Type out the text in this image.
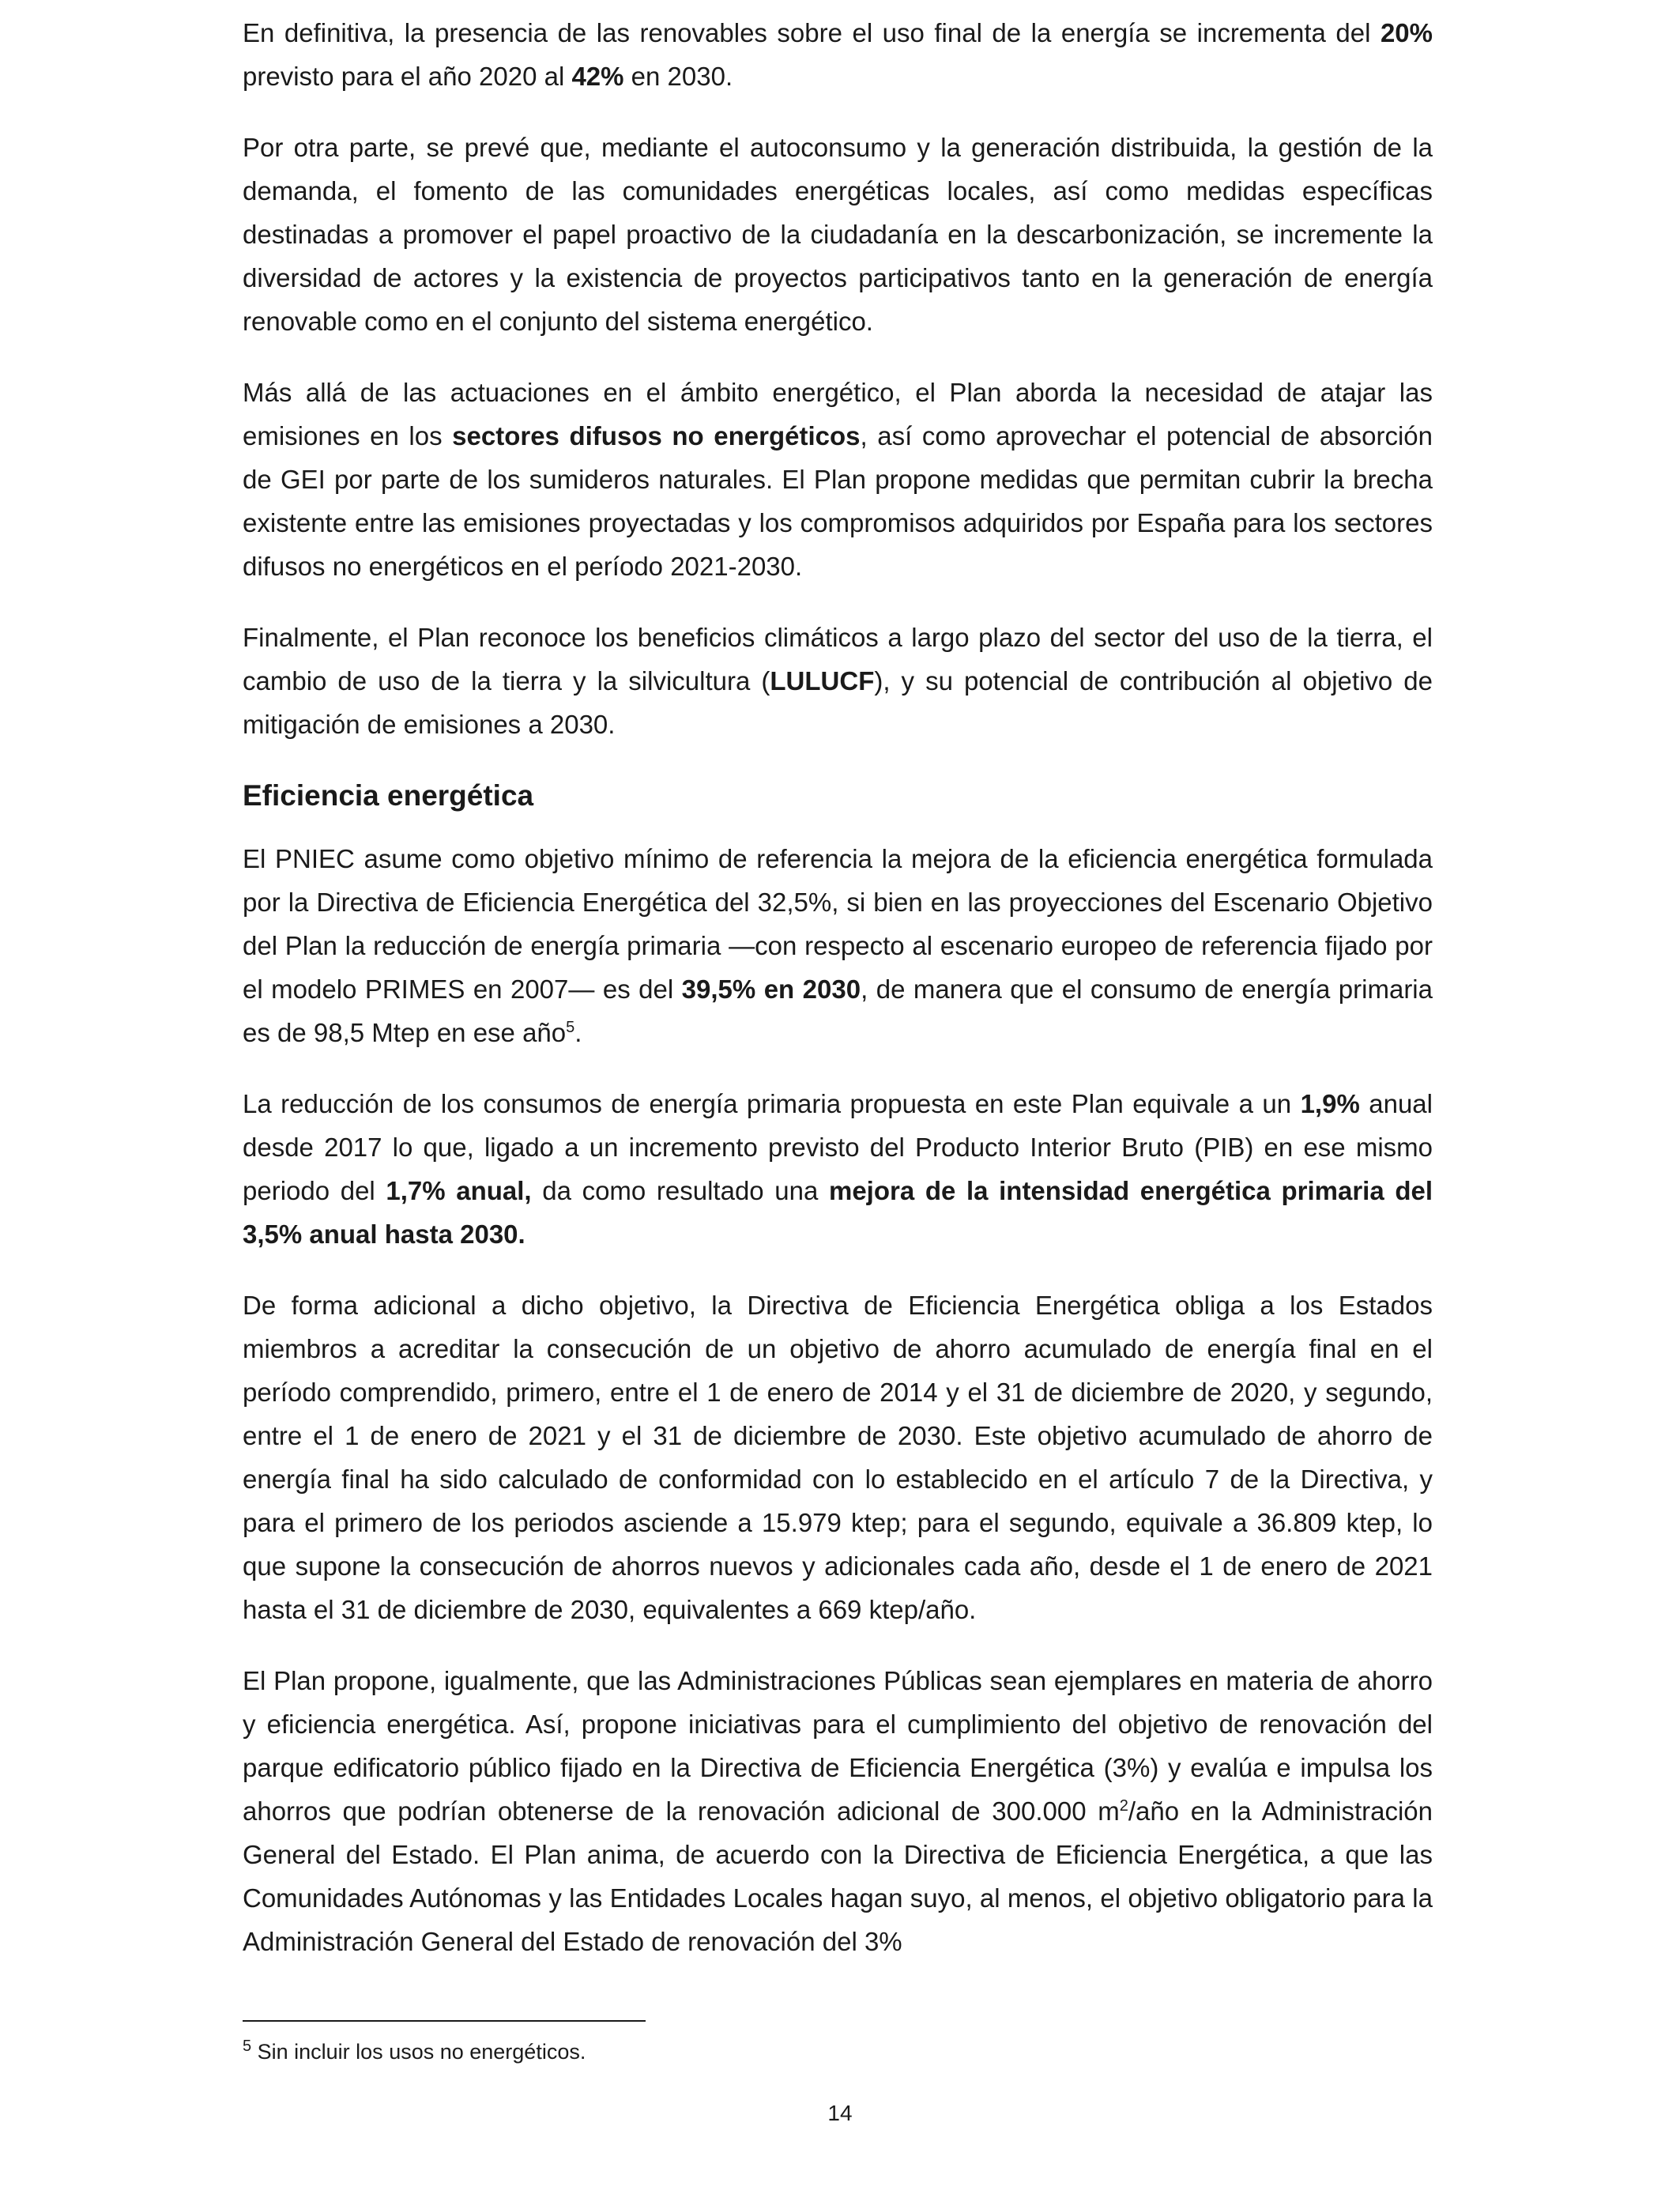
En definitiva, la presencia de las renovables sobre el uso final de la energía se incrementa del 20% previsto para el año 2020 al 42% en 2030.

Por otra parte, se prevé que, mediante el autoconsumo y la generación distribuida, la gestión de la demanda, el fomento de las comunidades energéticas locales, así como medidas específicas destinadas a promover el papel proactivo de la ciudadanía en la descarbonización, se incremente la diversidad de actores y la existencia de proyectos participativos tanto en la generación de energía renovable como en el conjunto del sistema energético.

Más allá de las actuaciones en el ámbito energético, el Plan aborda la necesidad de atajar las emisiones en los sectores difusos no energéticos, así como aprovechar el potencial de absorción de GEI por parte de los sumideros naturales. El Plan propone medidas que permitan cubrir la brecha existente entre las emisiones proyectadas y los compromisos adquiridos por España para los sectores difusos no energéticos en el período 2021-2030.

Finalmente, el Plan reconoce los beneficios climáticos a largo plazo del sector del uso de la tierra, el cambio de uso de la tierra y la silvicultura (LULUCF), y su potencial de contribución al objetivo de mitigación de emisiones a 2030.

Eficiencia energética

El PNIEC asume como objetivo mínimo de referencia la mejora de la eficiencia energética formulada por la Directiva de Eficiencia Energética del 32,5%, si bien en las proyecciones del Escenario Objetivo del Plan la reducción de energía primaria —con respecto al escenario europeo de referencia fijado por el modelo PRIMES en 2007— es del 39,5% en 2030, de manera que el consumo de energía primaria es de 98,5 Mtep en ese año$^5$.

La reducción de los consumos de energía primaria propuesta en este Plan equivale a un 1,9% anual desde 2017 lo que, ligado a un incremento previsto del Producto Interior Bruto (PIB) en ese mismo periodo del 1,7% anual, da como resultado una mejora de la intensidad energética primaria del 3,5% anual hasta 2030.

De forma adicional a dicho objetivo, la Directiva de Eficiencia Energética obliga a los Estados miembros a acreditar la consecución de un objetivo de ahorro acumulado de energía final en el período comprendido, primero, entre el 1 de enero de 2014 y el 31 de diciembre de 2020, y segundo, entre el 1 de enero de 2021 y el 31 de diciembre de 2030. Este objetivo acumulado de ahorro de energía final ha sido calculado de conformidad con lo establecido en el artículo 7 de la Directiva, y para el primero de los periodos asciende a 15.979 ktep; para el segundo, equivale a 36.809 ktep, lo que supone la consecución de ahorros nuevos y adicionales cada año, desde el 1 de enero de 2021 hasta el 31 de diciembre de 2030, equivalentes a 669 ktep/año.

El Plan propone, igualmente, que las Administraciones Públicas sean ejemplares en materia de ahorro y eficiencia energética. Así, propone iniciativas para el cumplimiento del objetivo de renovación del parque edificatorio público fijado en la Directiva de Eficiencia Energética (3%) y evalúa e impulsa los ahorros que podrían obtenerse de la renovación adicional de 300.000 $m^2$/año en la Administración General del Estado. El Plan anima, de acuerdo con la Directiva de Eficiencia Energética, a que las Comunidades Autónomas y las Entidades Locales hagan suyo, al menos, el objetivo obligatorio para la Administración General del Estado de renovación del 3%

$^5$ Sin incluir los usos no energéticos.
14
